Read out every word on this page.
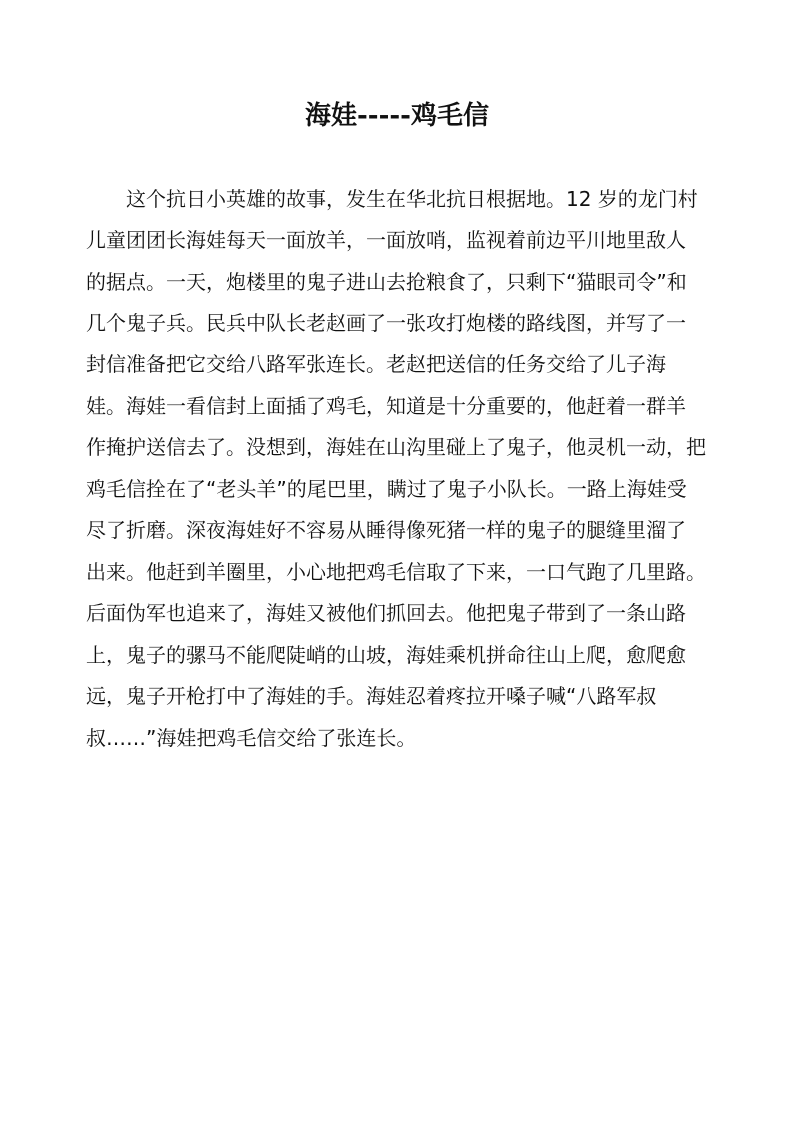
海娃-----鸡毛信
这个抗日小英雄的故事，发生在华北抗日根据地。12 岁的龙门村
儿童团团长海娃每天一面放羊，一面放哨，监视着前边平川地里敌人
的据点。一天，炮楼里的鬼子进山去抢粮食了，只剩下“猫眼司令”和
几个鬼子兵。民兵中队长老赵画了一张攻打炮楼的路线图，并写了一
封信准备把它交给八路军张连长。老赵把送信的任务交给了儿子海
娃。海娃一看信封上面插了鸡毛，知道是十分重要的，他赶着一群羊
作掩护送信去了。没想到，海娃在山沟里碰上了鬼子，他灵机一动，把
鸡毛信拴在了“老头羊”的尾巴里，瞒过了鬼子小队长。一路上海娃受
尽了折磨。深夜海娃好不容易从睡得像死猪一样的鬼子的腿缝里溜了
出来。他赶到羊圈里，小心地把鸡毛信取了下来，一口气跑了几里路。
后面伪军也追来了，海娃又被他们抓回去。他把鬼子带到了一条山路
上，鬼子的骡马不能爬陡峭的山坡，海娃乘机拼命往山上爬，愈爬愈
远，鬼子开枪打中了海娃的手。海娃忍着疼拉开嗓子喊“八路军叔
叔……”海娃把鸡毛信交给了张连长。
